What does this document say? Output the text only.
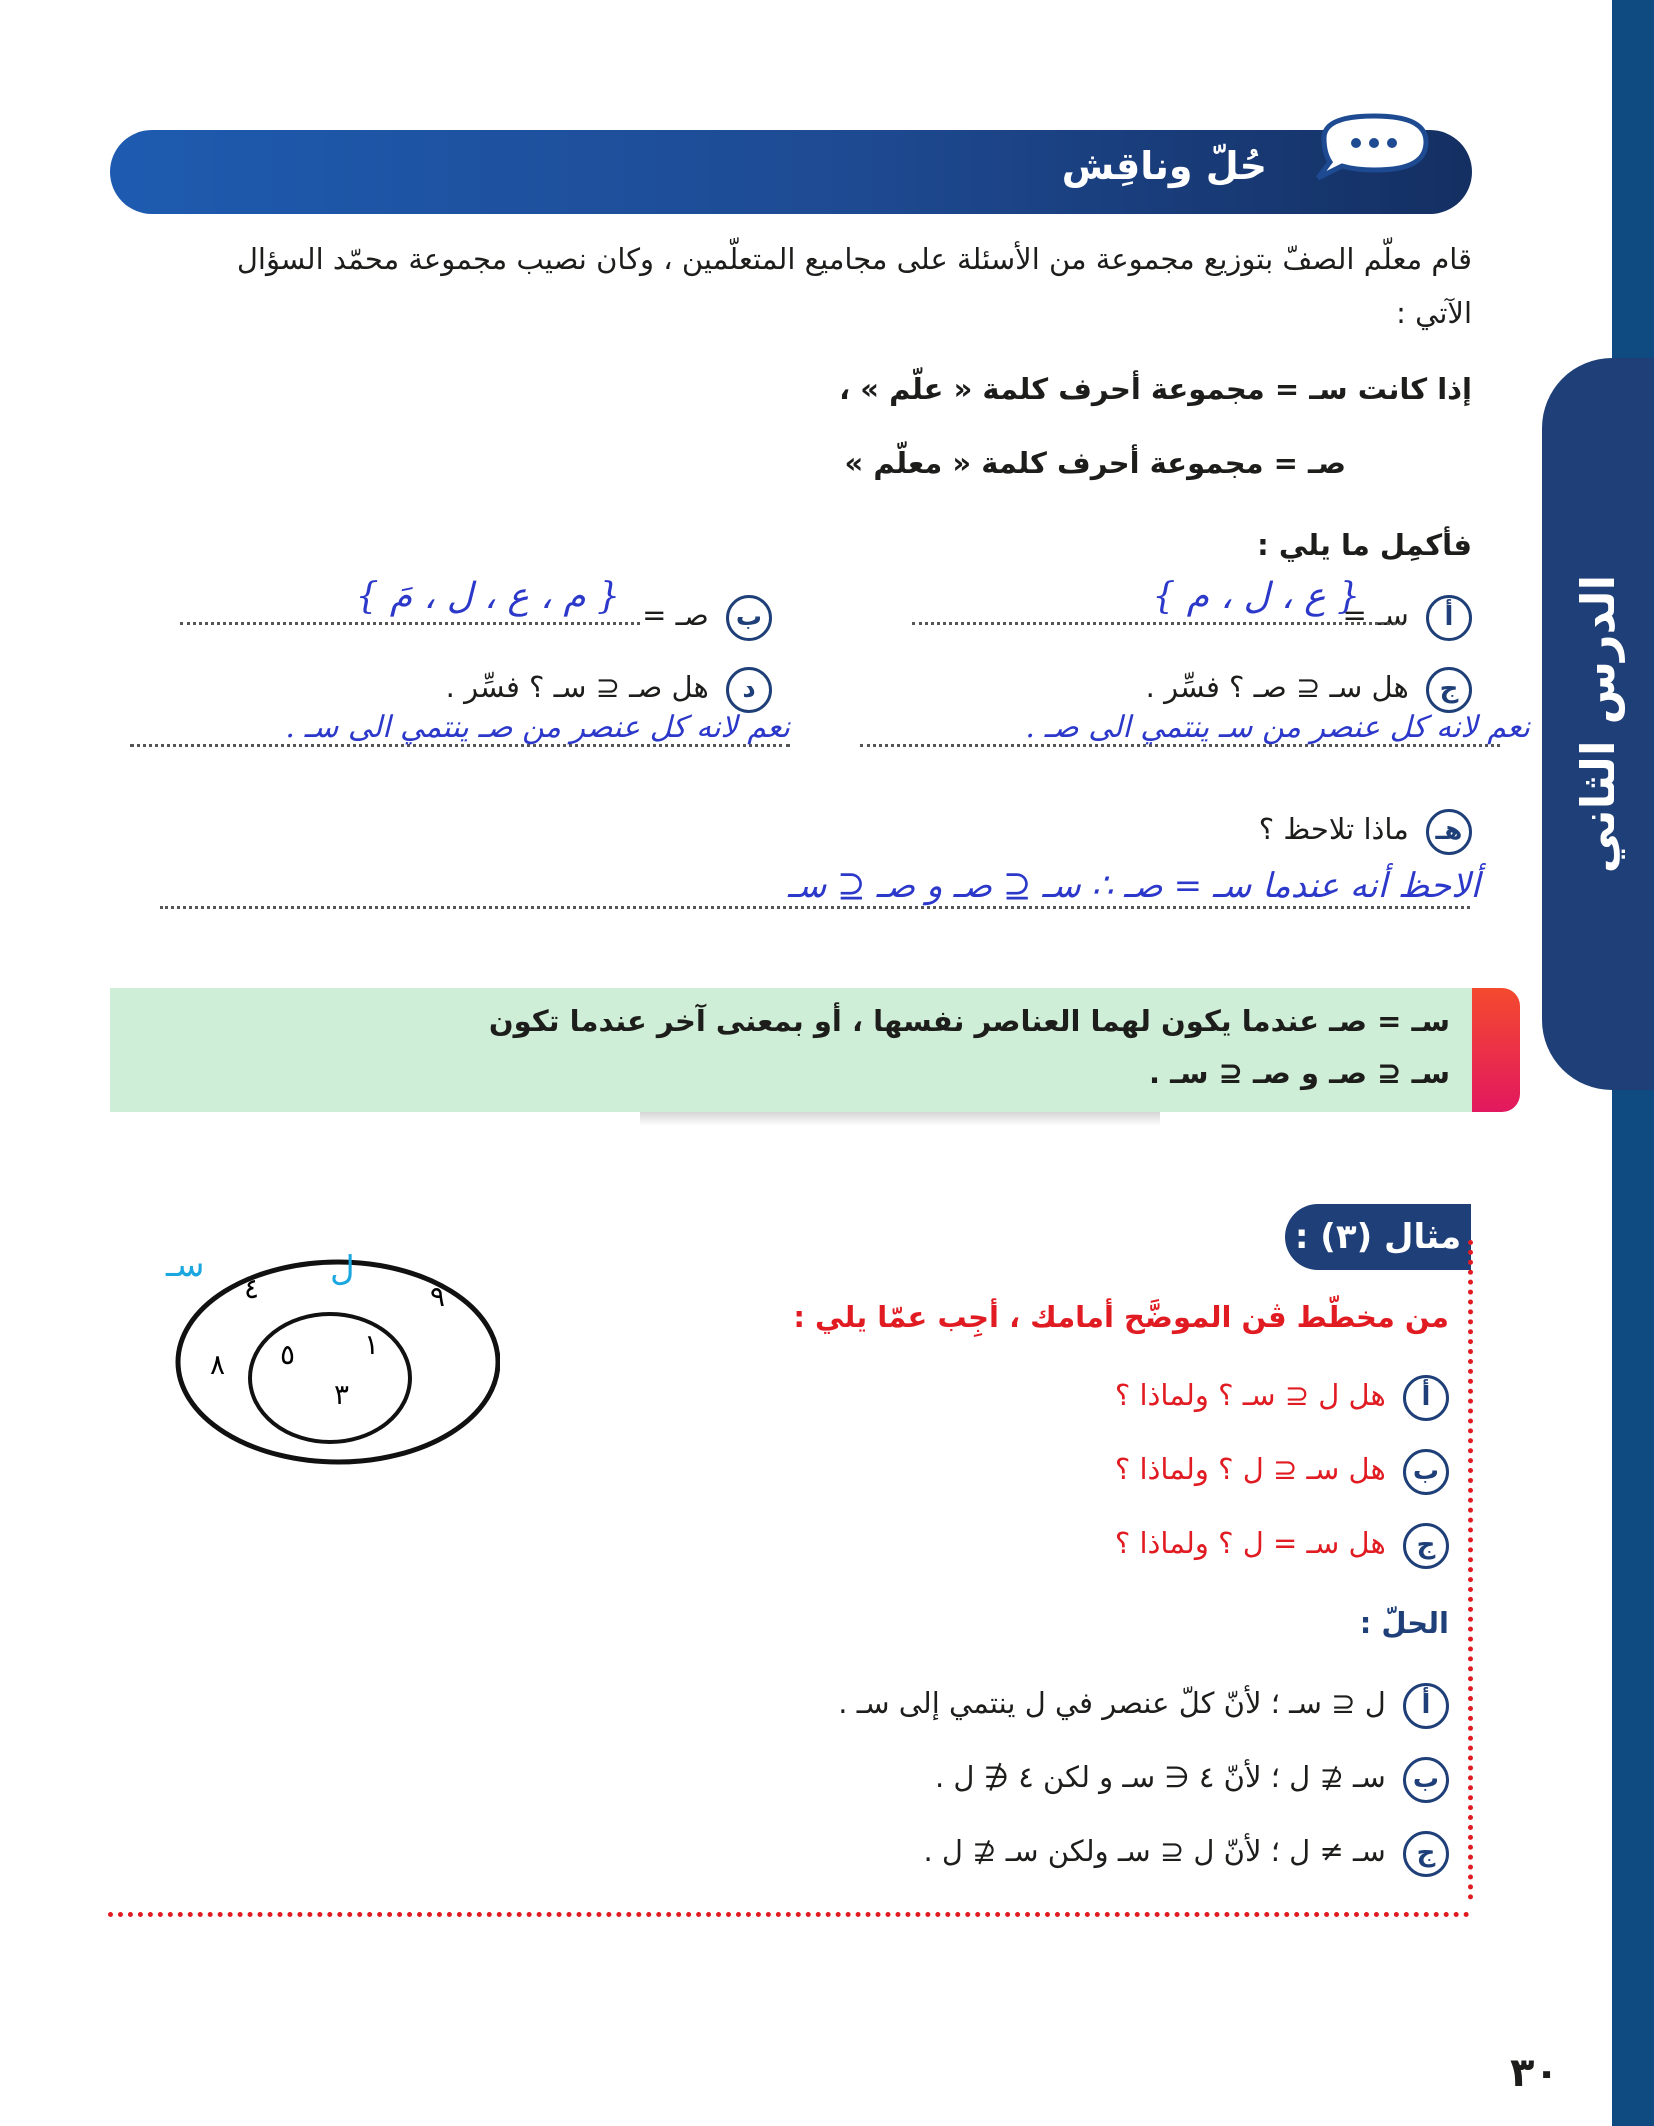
الدرس الثاني
حُلّ وناقِش
قام معلّم الصفّ بتوزيع مجموعة من الأسئلة على مجاميع المتعلّمين ، وكان نصيب مجموعة محمّد السؤال
الآتي :
إذا كانت سـ = مجموعة أحرف كلمة « علّم » ،
صـ = مجموعة أحرف كلمة « معلّم »
فأكمِل ما يلي :
أ سـ =
{ ع ، ل ، م }
ب صـ =
{ م ، ع ، ل ، مَ }
ج هل سـ ⊆ صـ ؟ فسِّر .
نعم لانه كل عنصر من سـ ينتمي الى صـ .
د هل صـ ⊆ سـ ؟ فسِّر .
نعم لانه كل عنصر من صـ ينتمي الى سـ .
هـ ماذا تلاحظ ؟
ألاحظ أنه عندما سـ = صـ ∴ سـ ⊆ صـ و صـ ⊆ سـ
سـ = صـ عندما يكون لهما العناصر نفسها ، أو بمعنى آخر عندما تكون
سـ ⊆ صـ و صـ ⊆ سـ .
مثال (٣) :
من مخطّط ڤن الموضَّح أمامك ، أجِب عمّا يلي :
أ هل ل ⊆ سـ ؟ ولماذا ؟
ب هل سـ ⊆ ل ؟ ولماذا ؟
ج هل سـ = ل ؟ ولماذا ؟
الحلّ :
أ ل ⊆ سـ ؛ لأنّ كلّ عنصر في ل ينتمي إلى سـ .
ب سـ ⊈ ل ؛ لأنّ ٤ ∈ سـ و لكن ٤ ∉ ل .
ج سـ ≠ ل ؛ لأنّ ل ⊆ سـ ولكن سـ ⊈ ل .
سـ	ل
٤	٩
٨ ٥ ١
٣
٣٠
